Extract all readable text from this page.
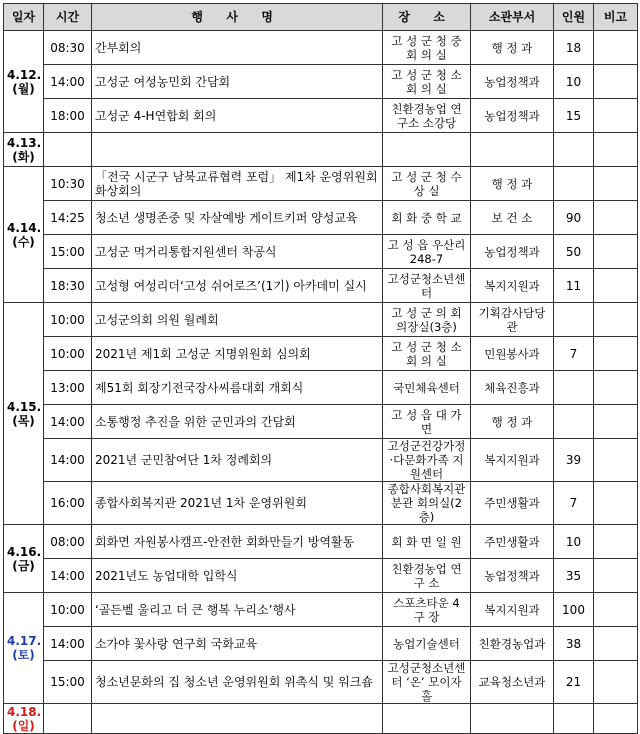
일자	시간	행 사 명	장 소	소관부서	인원	비고

4.12.
(월)	08:30	간부회의	고 성 군 청 중 회 의 실	행 정 과	18	
	14:00	고성군 여성농민회 간담회	고 성 군 청 소 회 의 실	농업정책과	10	
	18:00	고성군 4-H연합회 회의	친환경농업 연구소 소강당	농업정책과	15	

4.13.
(화)						

4.14.
(수)	10:30	「전국 시군구 남북교류협력 포럼」 제1차 운영위원회 화상회의	고 성 군 청 수 상 실	행 정 과		
	14:25	청소년 생명존중 및 자살예방 게이트키퍼 양성교육	회 화 중 학 교	보 건 소	90	
	15:00	고성군 먹거리통합지원센터 착공식	고 성 읍 우산리 248-7	농업정책과	50	
	18:30	고성형 여성리더‘고성 쉬어로즈’(1기) 아카데미 실시	고성군청소년센터	복지지원과	11	

4.15.
(목)	10:00	고성군의회 의원 월례회	고 성 군 의 회 의장실(3층)	기획감사담당관		
	10:00	2021년 제1회 고성군 지명위원회 심의회	고 성 군 청 소 회 의 실	민원봉사과	7	
	13:00	제51회 회장기전국장사씨름대회 개회식	국민체육센터	체육진흥과		
	14:00	소통행정 추진을 위한 군민과의 간담회	고 성 읍 대 가 면	행 정 과		
	14:00	2021년 군민참여단 1차 정례회의	고성군건강가정·다문화가족 지원센터	복지지원과	39	
	16:00	종합사회복지관 2021년 1차 운영위원회	종합사회복지관 분관 회의실(2층)	주민생활과	7	

4.16.
(금)	08:00	회화면 자원봉사캠프-안전한 회화만들기 방역활동	회 화 면 일 원	주민생활과	10	
	14:00	2021년도 농업대학 입학식	친환경농업 연 구 소	농업정책과	35	

4.17.
(토)	10:00	‘골든벨 울리고 더 큰 행복 누리소’행사	스포츠타운 4 구 장	복지지원과	100	
	14:00	소가야 꽃사랑 연구회 국화교육	농업기술센터	친환경농업과	38	
	15:00	청소년문화의 집 청소년 운영위원회 위촉식 및 워크숍	고성군청소년센터 ‘온’ 모이자홀	교육청소년과	21	

4.18.
(일)						
